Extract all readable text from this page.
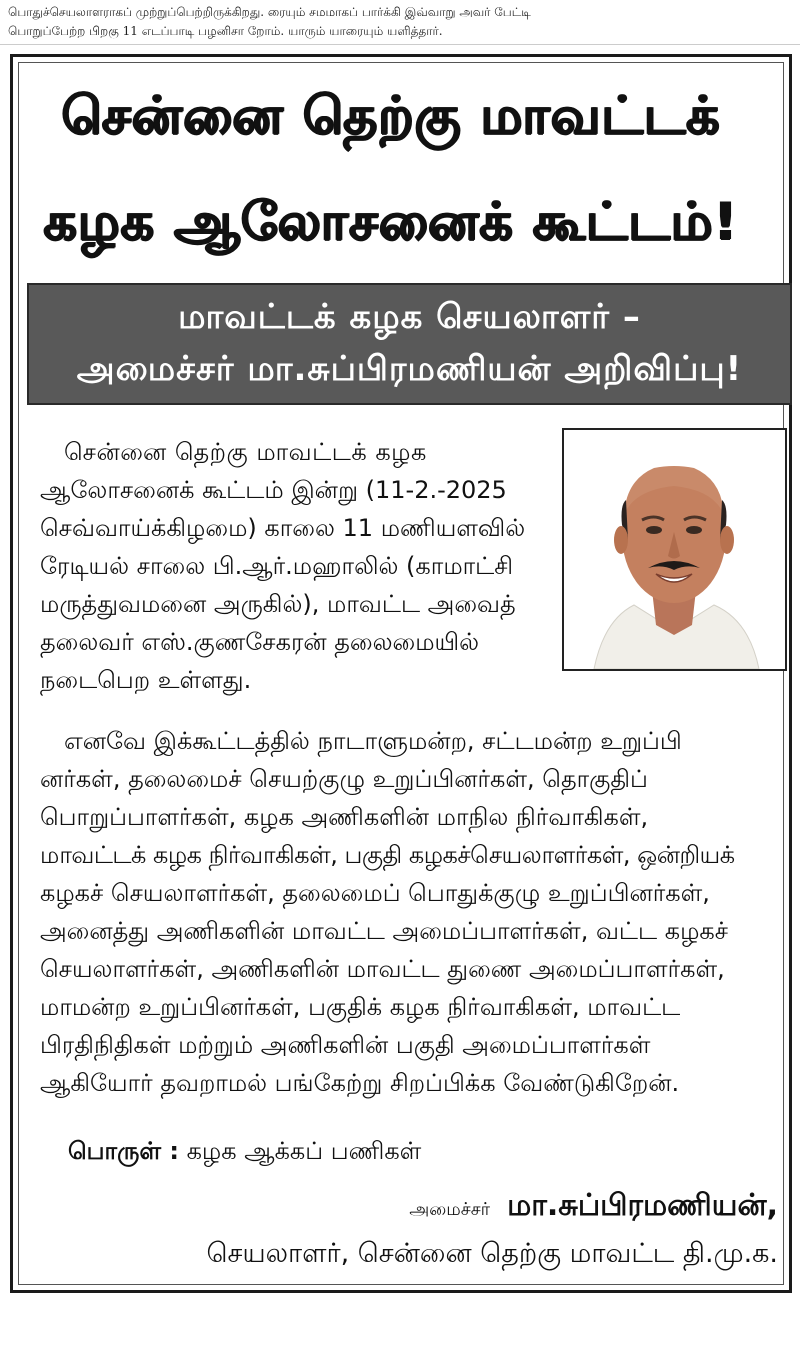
பொதுச்செயலாளராகப் முற்றுப்பெற்றிருக்கிறது. ரையும் சமமாகப் பார்க்கி இவ்வாறு அவர் பேட்டி
பொறுப்பேற்ற பிறகு 11 எடப்பாடி பழனிசா றோம். யாரும் யாரையும் யளித்தார்.
சென்னை தெற்கு மாவட்டக்
கழக ஆலோசனைக் கூட்டம்!
மாவட்டக் கழக செயலாளர் –
அமைச்சர் மா.சுப்பிரமணியன் அறிவிப்பு!
சென்னை தெற்கு மாவட்டக் கழக
ஆலோசனைக் கூட்டம் இன்று (11-2.-2025
செவ்வாய்க்கிழமை) காலை 11 மணியளவில்
ரேடியல் சாலை பி.ஆர்.மஹாலில் (காமாட்சி
மருத்துவமனை அருகில்), மாவட்ட அவைத்
தலைவர் எஸ்.குணசேகரன் தலைமையில்
நடைபெற உள்ளது.
எனவே இக்கூட்டத்தில் நாடாளுமன்ற, சட்டமன்ற உறுப்பி
னர்கள், தலைமைச் செயற்குழு உறுப்பினர்கள், தொகுதிப்
பொறுப்பாளர்கள், கழக அணிகளின் மாநில நிர்வாகிகள்,
மாவட்டக் கழக நிர்வாகிகள், பகுதி கழகச்செயலாளர்கள், ஒன்றியக்
கழகச் செயலாளர்கள், தலைமைப் பொதுக்குழு உறுப்பினர்கள்,
அனைத்து அணிகளின் மாவட்ட அமைப்பாளர்கள், வட்ட கழகச்
செயலாளர்கள், அணிகளின் மாவட்ட துணை அமைப்பாளர்கள்,
மாமன்ற உறுப்பினர்கள், பகுதிக் கழக நிர்வாகிகள், மாவட்ட
பிரதிநிதிகள் மற்றும் அணிகளின் பகுதி அமைப்பாளர்கள்
ஆகியோர் தவறாமல் பங்கேற்று சிறப்பிக்க வேண்டுகிறேன்.
பொருள் : கழக ஆக்கப் பணிகள்
அமைச்சர் மா.சுப்பிரமணியன்,
செயலாளர், சென்னை தெற்கு மாவட்ட தி.மு.க.
